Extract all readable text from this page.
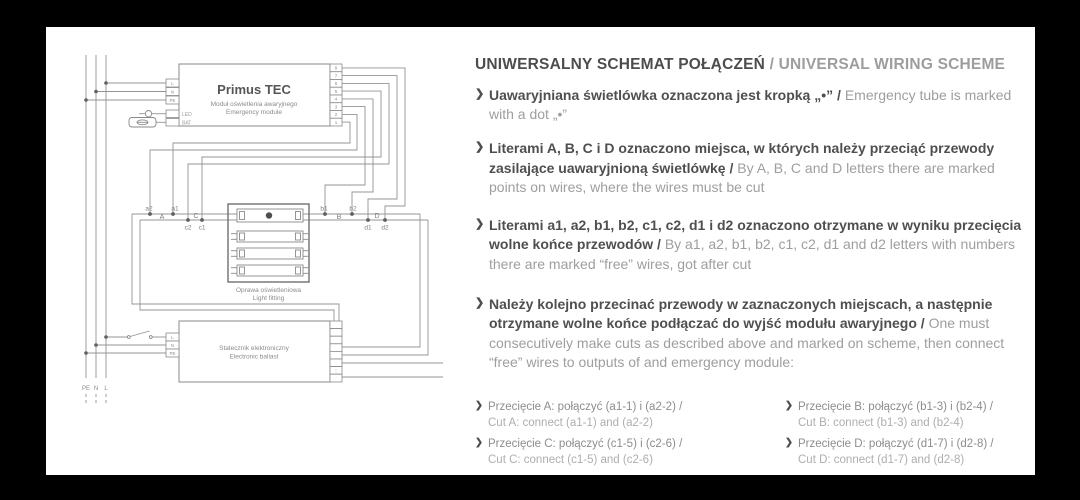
Primus TEC
Moduł oświetlenia awaryjnego
Emergency module
L
N
PE
8
7
6
5
4
3
2
1
LED
BAT
Statecznik elektroniczny
Electronic ballast
L
N
PE
⋮
a2	a1	b1	b2
c2 c1	d1 d2
A	B
C	D
Oprawa oświetleniowa
Light fitting
PE N L
UNIWERSALNY SCHEMAT POŁĄCZEŃ / UNIVERSAL WIRING SCHEME
❯ Uawaryjniana świetlówka oznaczona jest kropką „•” / Emergency tube is marked with a dot „•”
❯ Literami A, B, C i D oznaczono miejsca, w których należy przeciąć przewody zasilające uawaryjnioną świetlówkę / By A, B, C and D letters there are marked points on wires, where the wires must be cut
❯ Literami a1, a2, b1, b2, c1, c2, d1 i d2 oznaczono otrzymane w wyniku przecięcia wolne końce przewodów / By a1, a2, b1, b2, c1, c2, d1 and d2 letters with numbers there are marked “free” wires, got after cut
❯ Należy kolejno przecinać przewody w zaznaczonych miejscach, a następnie otrzymane wolne końce podłączać do wyjść modułu awaryjnego / One must consecutively make cuts as described above and marked on scheme, then connect “free” wires to outputs of and emergency module:
❯ Przecięcie A: połączyć (a1-1) i (a2-2) /
Cut A: connect (a1-1) and (a2-2)
❯ Przecięcie B: połączyć (b1-3) i (b2-4) /
Cut B: connect (b1-3) and (b2-4)
❯ Przecięcie C: połączyć (c1-5) i (c2-6) /
Cut C: connect (c1-5) and (c2-6)
❯ Przecięcie D: połączyć (d1-7) i (d2-8) /
Cut D: connect (d1-7) and (d2-8)
